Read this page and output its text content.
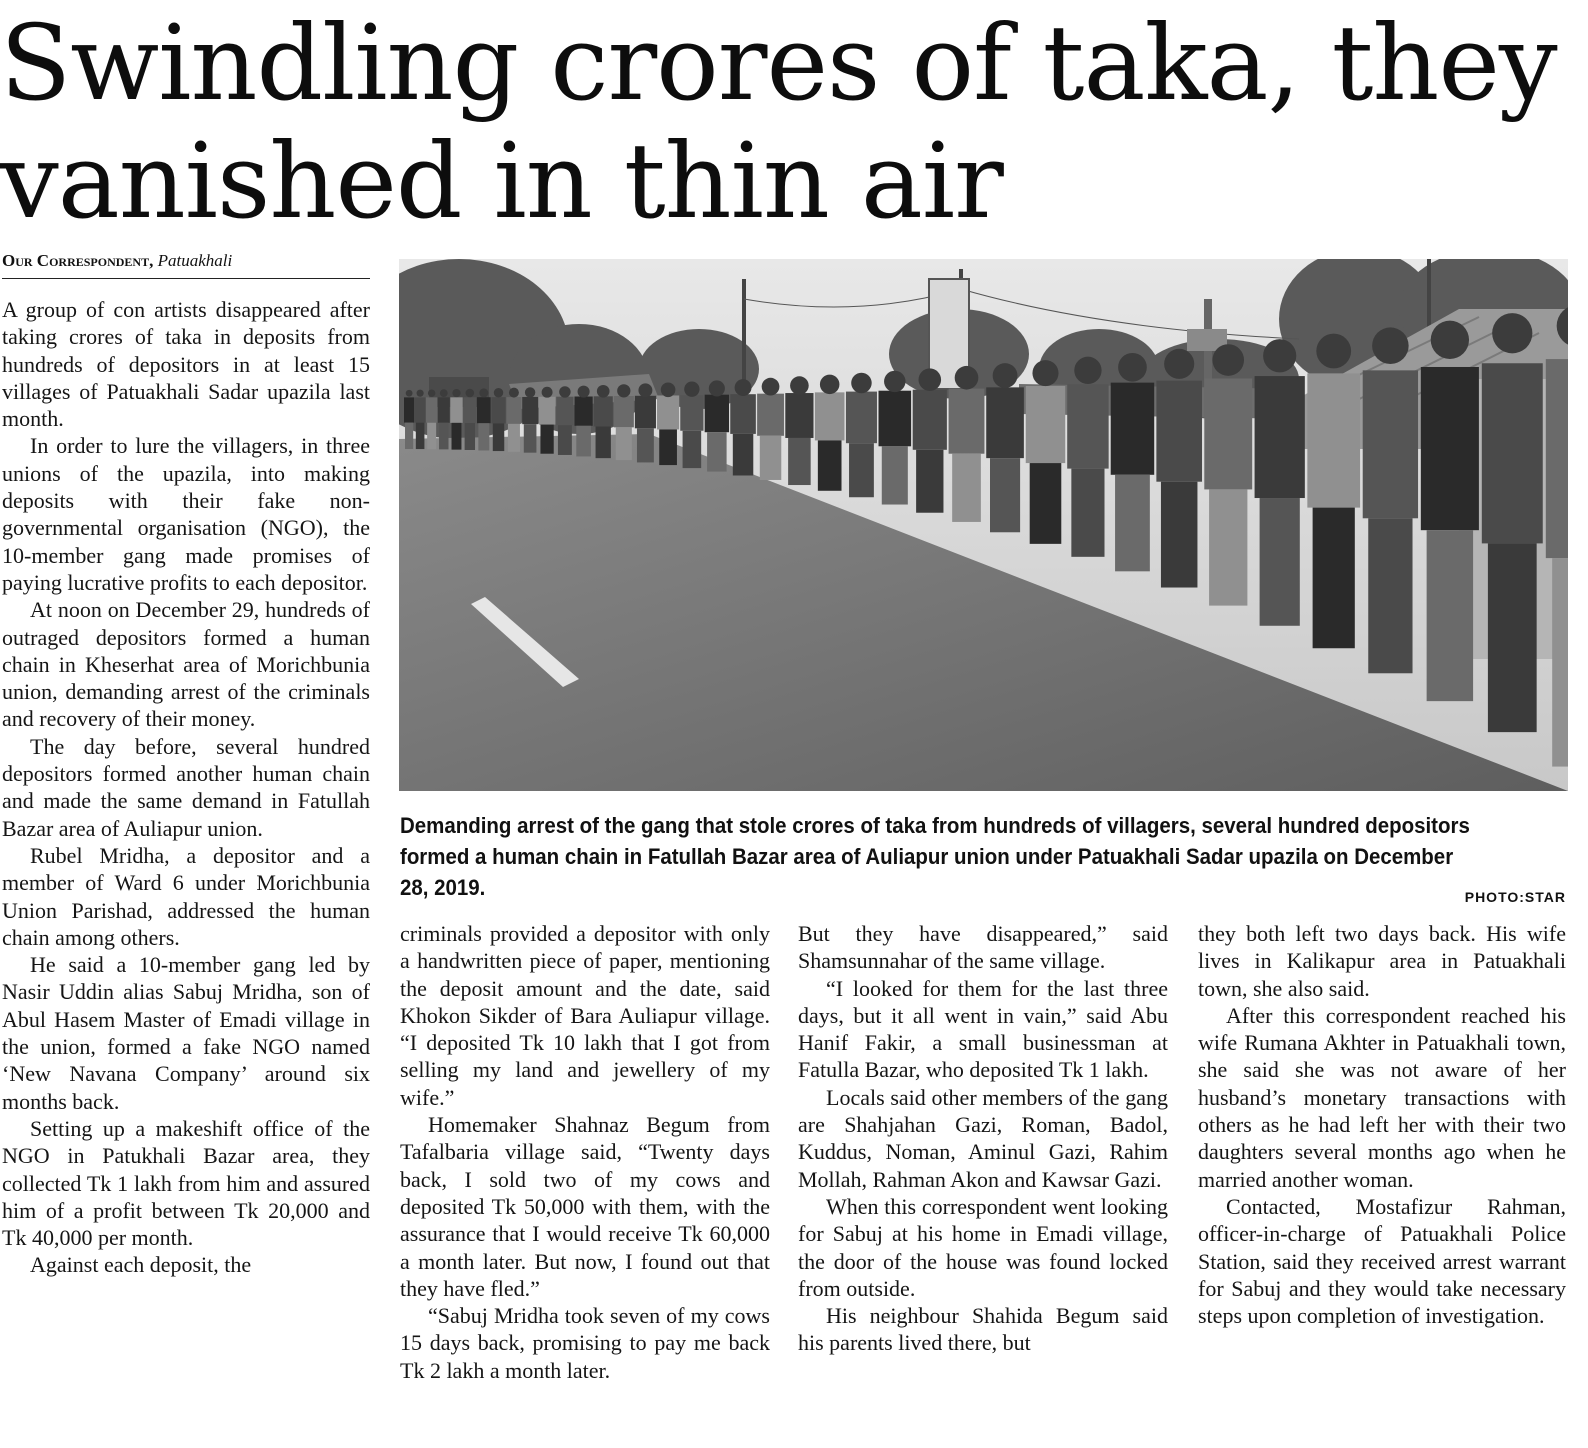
Swindling crores of taka, they vanished in thin air
Our Correspondent, Patuakhali

A group of con artists disappeared after taking crores of taka in deposits from hundreds of depositors in at least 15 villages of Patuakhali Sadar upazila last month.

In order to lure the villagers, in three unions of the upazila, into making deposits with their fake non-governmental organisation (NGO), the 10-member gang made promises of paying lucrative profits to each depositor.

At noon on December 29, hundreds of outraged depositors formed a human chain in Kheserhat area of Morichbunia union, demanding arrest of the criminals and recovery of their money.

The day before, several hundred depositors formed another human chain and made the same demand in Fatullah Bazar area of Auliapur union.

Rubel Mridha, a depositor and a member of Ward 6 under Morichbunia Union Parishad, addressed the human chain among others.

He said a 10-member gang led by Nasir Uddin alias Sabuj Mridha, son of Abul Hasem Master of Emadi village in the union, formed a fake NGO named ‘New Navana Company’ around six months back.

Setting up a makeshift office of the NGO in Patukhali Bazar area, they collected Tk 1 lakh from him and assured him of a profit between Tk 20,000 and Tk 40,000 per month.

Against each deposit, the

Demanding arrest of the gang that stole crores of taka from hundreds of villagers, several hundred depositors formed a human chain in Fatullah Bazar area of Auliapur union under Patuakhali Sadar upazila on December 28, 2019.	PHOTO:STAR

criminals provided a depositor with only a handwritten piece of paper, mentioning the deposit amount and the date, said Khokon Sikder of Bara Auliapur village. “I deposited Tk 10 lakh that I got from selling my land and jewellery of my wife.”

Homemaker Shahnaz Begum from Tafalbaria village said, “Twenty days back, I sold two of my cows and deposited Tk 50,000 with them, with the assurance that I would receive Tk 60,000 a month later. But now, I found out that they have fled.”

“Sabuj Mridha took seven of my cows 15 days back, promising to pay me back Tk 2 lakh a month later.

But they have disappeared,” said Shamsunnahar of the same village.

“I looked for them for the last three days, but it all went in vain,” said Abu Hanif Fakir, a small businessman at Fatulla Bazar, who deposited Tk 1 lakh.

Locals said other members of the gang are Shahjahan Gazi, Roman, Badol, Kuddus, Noman, Aminul Gazi, Rahim Mollah, Rahman Akon and Kawsar Gazi.

When this correspondent went looking for Sabuj at his home in Emadi village, the door of the house was found locked from outside.

His neighbour Shahida Begum said his parents lived there, but

they both left two days back. His wife lives in Kalikapur area in Patuakhali town, she also said.

After this correspondent reached his wife Rumana Akhter in Patuakhali town, she said she was not aware of her husband’s monetary transactions with others as he had left her with their two daughters several months ago when he married another woman.

Contacted, Mostafizur Rahman, officer-in-charge of Patuakhali Police Station, said they received arrest warrant for Sabuj and they would take necessary steps upon completion of investigation.
